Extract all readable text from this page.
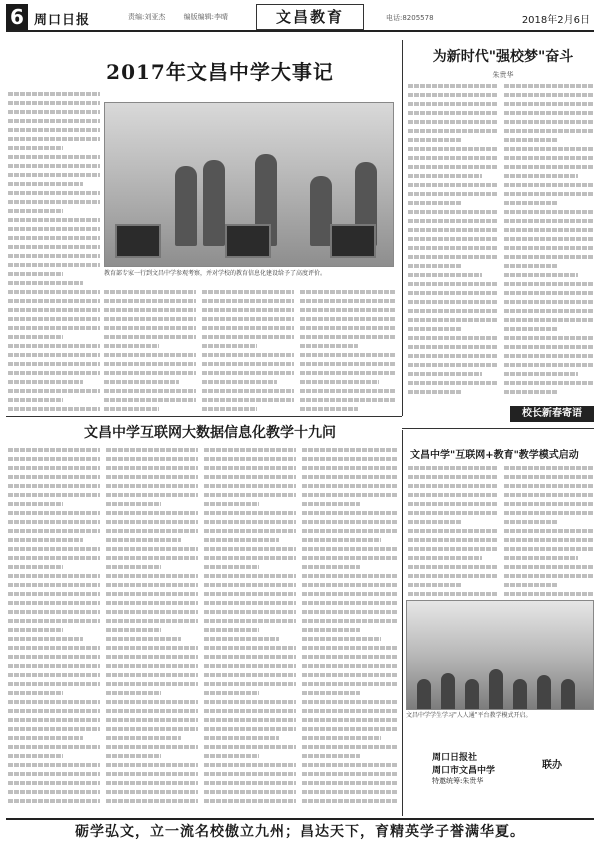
6 周口日报	责编:刘亚杰	编版编辑:李晴	文昌教育	电话:8205578	2018年2月6日
2017年文昌中学大事记
教育部专家一行到文昌中学参观考察，并对学校的教育信息化建设给予了高度评价。
为新时代"强校梦"奋斗
朱贵华
校长新春寄语
文昌中学互联网大数据信息化教学十九问
文昌中学"互联网+教育"教学模式启动
文昌中学学生学习"人人通"平台教学模式开启。
周口日报社
周口市文昌中学	联办
特邀统筹:朱贵华
砺学弘文，立一流名校傲立九州；昌达天下，育精英学子誉满华夏。
